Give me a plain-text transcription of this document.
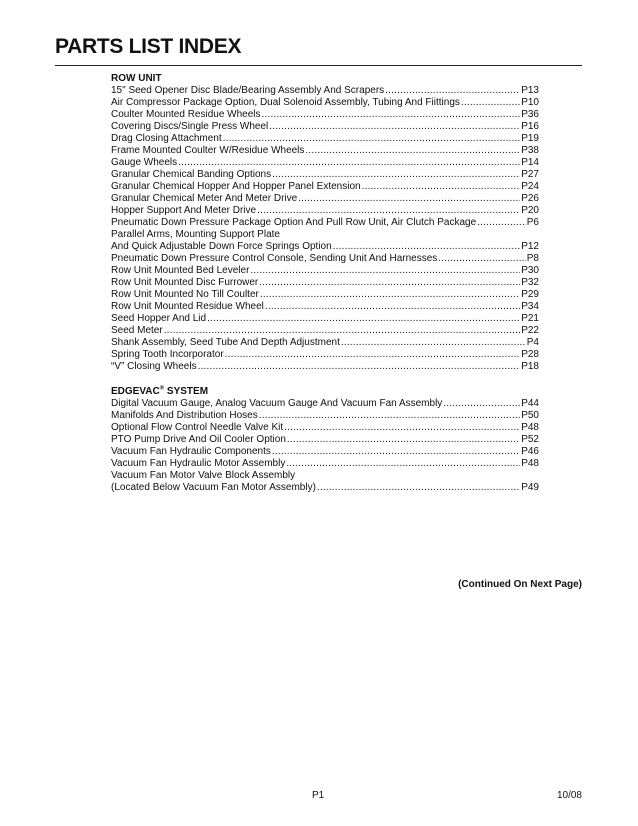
PARTS LIST INDEX
ROW UNIT
15" Seed Opener Disc Blade/Bearing Assembly And Scrapers .....	P13
Air Compressor Package Option, Dual Solenoid Assembly, Tubing And Fiittings .....	P10
Coulter Mounted Residue Wheels .....	P36
Covering Discs/Single Press Wheel .....	P16
Drag Closing Attachment .....	P19
Frame Mounted Coulter W/Residue Wheels .....	P38
Gauge Wheels .....	P14
Granular Chemical Banding Options .....	P27
Granular Chemical Hopper And Hopper Panel Extension .....	P24
Granular Chemical Meter And Meter Drive .....	P26
Hopper Support And Meter Drive .....	P20
Pneumatic Down Pressure Package Option And Pull Row Unit, Air Clutch Package .....	P6
Parallel Arms, Mounting Support Plate
And Quick Adjustable Down Force Springs Option .....	P12
Pneumatic Down Pressure Control Console, Sending Unit And Harnesses .....	P8
Row Unit Mounted Bed Leveler .....	P30
Row Unit Mounted Disc Furrower .....	P32
Row Unit Mounted No Till Coulter .....	P29
Row Unit Mounted Residue Wheel .....	P34
Seed Hopper And Lid .....	P21
Seed Meter .....	P22
Shank Assembly, Seed Tube And Depth Adjustment .....	P4
Spring Tooth Incorporator .....	P28
“V” Closing Wheels .....	P18
EDGEVAC® SYSTEM
Digital Vacuum Gauge, Analog Vacuum Gauge And Vacuum Fan Assembly .....	P44
Manifolds And Distribution Hoses .....	P50
Optional Flow Control Needle Valve Kit .....	P48
PTO Pump Drive And Oil Cooler Option .....	P52
Vacuum Fan Hydraulic Components .....	P46
Vacuum Fan Hydraulic Motor Assembly .....	P48
Vacuum Fan Motor Valve Block Assembly
(Located Below Vacuum Fan Motor Assembly) .....	P49

(Continued On Next Page)

P1	10/08
